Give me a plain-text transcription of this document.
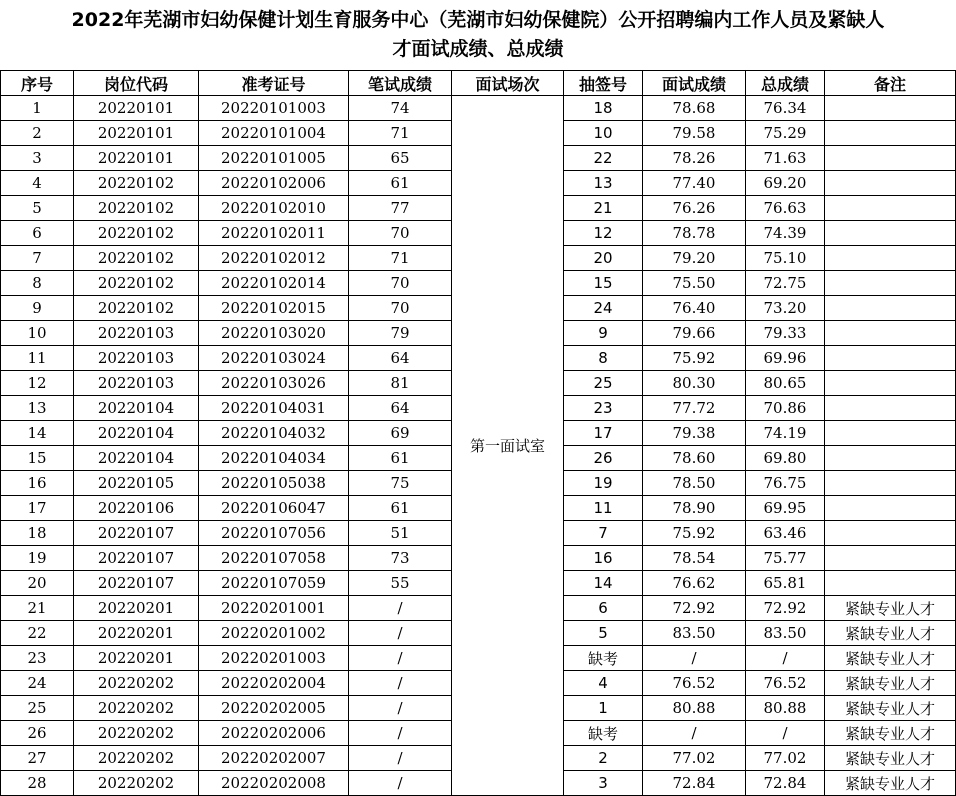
2022年芜湖市妇幼保健计划生育服务中心（芜湖市妇幼保健院）公开招聘编内工作人员及紧缺人
才面试成绩、总成绩
序号	岗位代码	准考证号	笔试成绩	面试场次	抽签号	面试成绩	总成绩	备注
1	20220101	20220101003	74	第一面试室	18	78.68	76.34	
2	20220101	20220101004	71		10	79.58	75.29	
3	20220101	20220101005	65		22	78.26	71.63	
4	20220102	20220102006	61		13	77.40	69.20	
5	20220102	20220102010	77		21	76.26	76.63	
6	20220102	20220102011	70		12	78.78	74.39	
7	20220102	20220102012	71		20	79.20	75.10	
8	20220102	20220102014	70		15	75.50	72.75	
9	20220102	20220102015	70		24	76.40	73.20	
10	20220103	20220103020	79		9	79.66	79.33	
11	20220103	20220103024	64		8	75.92	69.96	
12	20220103	20220103026	81		25	80.30	80.65	
13	20220104	20220104031	64		23	77.72	70.86	
14	20220104	20220104032	69		17	79.38	74.19	
15	20220104	20220104034	61		26	78.60	69.80	
16	20220105	20220105038	75		19	78.50	76.75	
17	20220106	20220106047	61		11	78.90	69.95	
18	20220107	20220107056	51		7	75.92	63.46	
19	20220107	20220107058	73		16	78.54	75.77	
20	20220107	20220107059	55		14	76.62	65.81	
21	20220201	20220201001	/		6	72.92	72.92	紧缺专业人才
22	20220201	20220201002	/		5	83.50	83.50	紧缺专业人才
23	20220201	20220201003	/		缺考	/	/	紧缺专业人才
24	20220202	20220202004	/		4	76.52	76.52	紧缺专业人才
25	20220202	20220202005	/		1	80.88	80.88	紧缺专业人才
26	20220202	20220202006	/		缺考	/	/	紧缺专业人才
27	20220202	20220202007	/		2	77.02	77.02	紧缺专业人才
28	20220202	20220202008	/		3	72.84	72.84	紧缺专业人才
